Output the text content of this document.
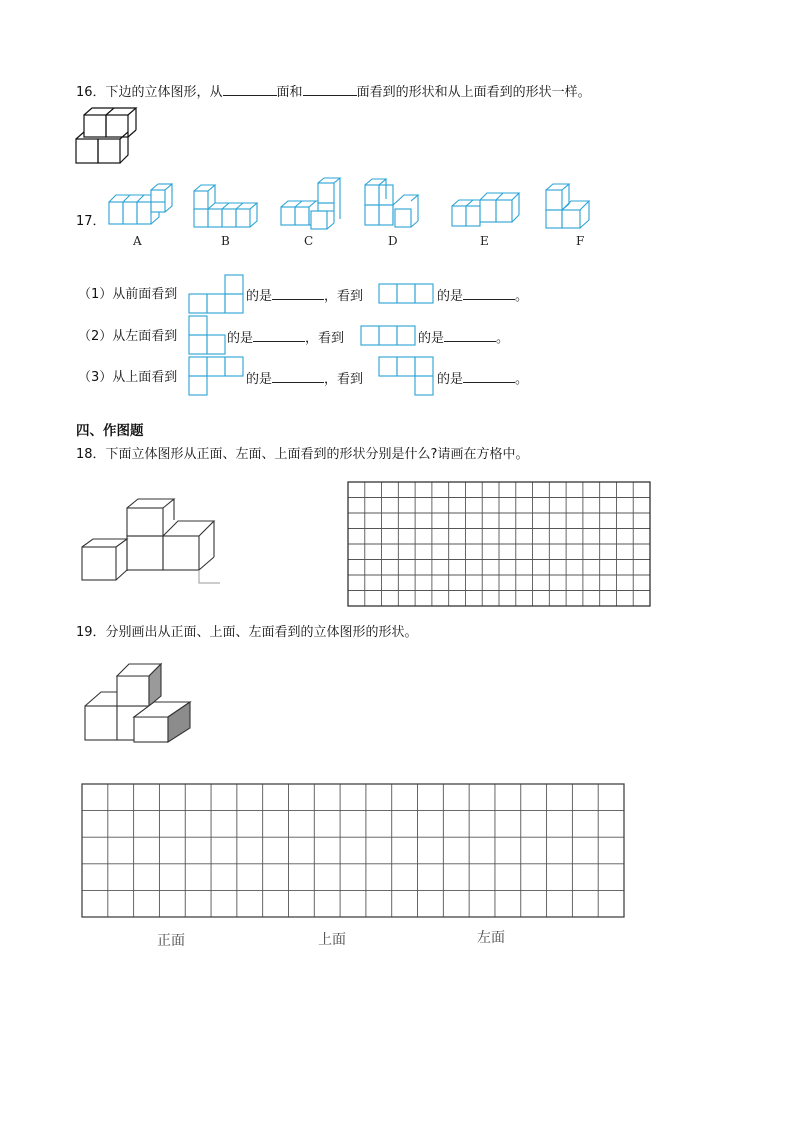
16．下边的立体图形，从	面和	面看到的形状和从上面看到的形状一样。
17．
A	B	C	D	E	F
（1）从前面看到	的是	，看到	的是	。
（2）从左面看到	的是	，看到	的是	。
（3）从上面看到	的是	，看到	的是	。
四、作图题
18．下面立体图形从正面、左面、上面看到的形状分别是什么?请画在方格中。
19．分别画出从正面、上面、左面看到的立体图形的形状。
正面	上面	左面
